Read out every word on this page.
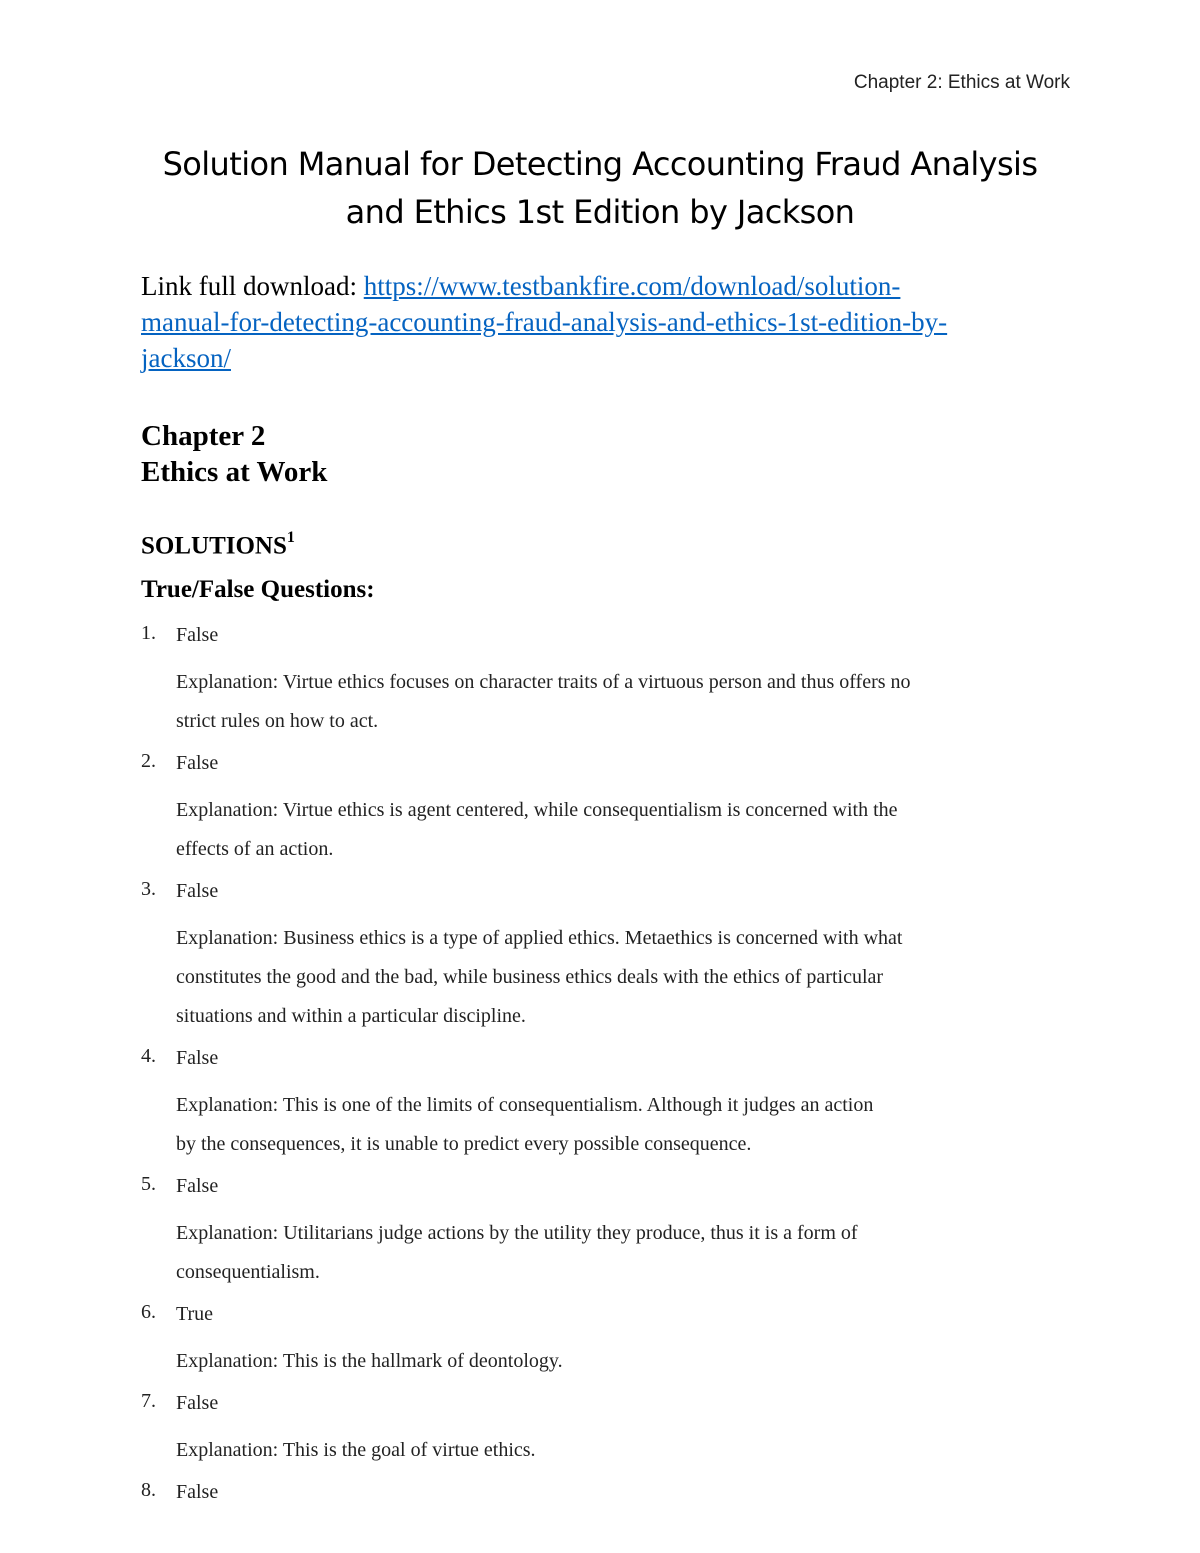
Chapter 2: Ethics at Work
Solution Manual for Detecting Accounting Fraud Analysis
and Ethics 1st Edition by Jackson
Link full download: https://www.testbankfire.com/download/solution-
manual-for-detecting-accounting-fraud-analysis-and-ethics-1st-edition-by-
jackson/
Chapter 2
Ethics at Work
SOLUTIONS$^1$
True/False Questions:
1. False
Explanation: Virtue ethics focuses on character traits of a virtuous person and thus offers no
strict rules on how to act.
2. False
Explanation: Virtue ethics is agent centered, while consequentialism is concerned with the
effects of an action.
3. False
Explanation: Business ethics is a type of applied ethics. Metaethics is concerned with what
constitutes the good and the bad, while business ethics deals with the ethics of particular
situations and within a particular discipline.
4. False
Explanation: This is one of the limits of consequentialism. Although it judges an action
by the consequences, it is unable to predict every possible consequence.
5. False
Explanation: Utilitarians judge actions by the utility they produce, thus it is a form of
consequentialism.
6. True
Explanation: This is the hallmark of deontology.
7. False
Explanation: This is the goal of virtue ethics.
8. False
